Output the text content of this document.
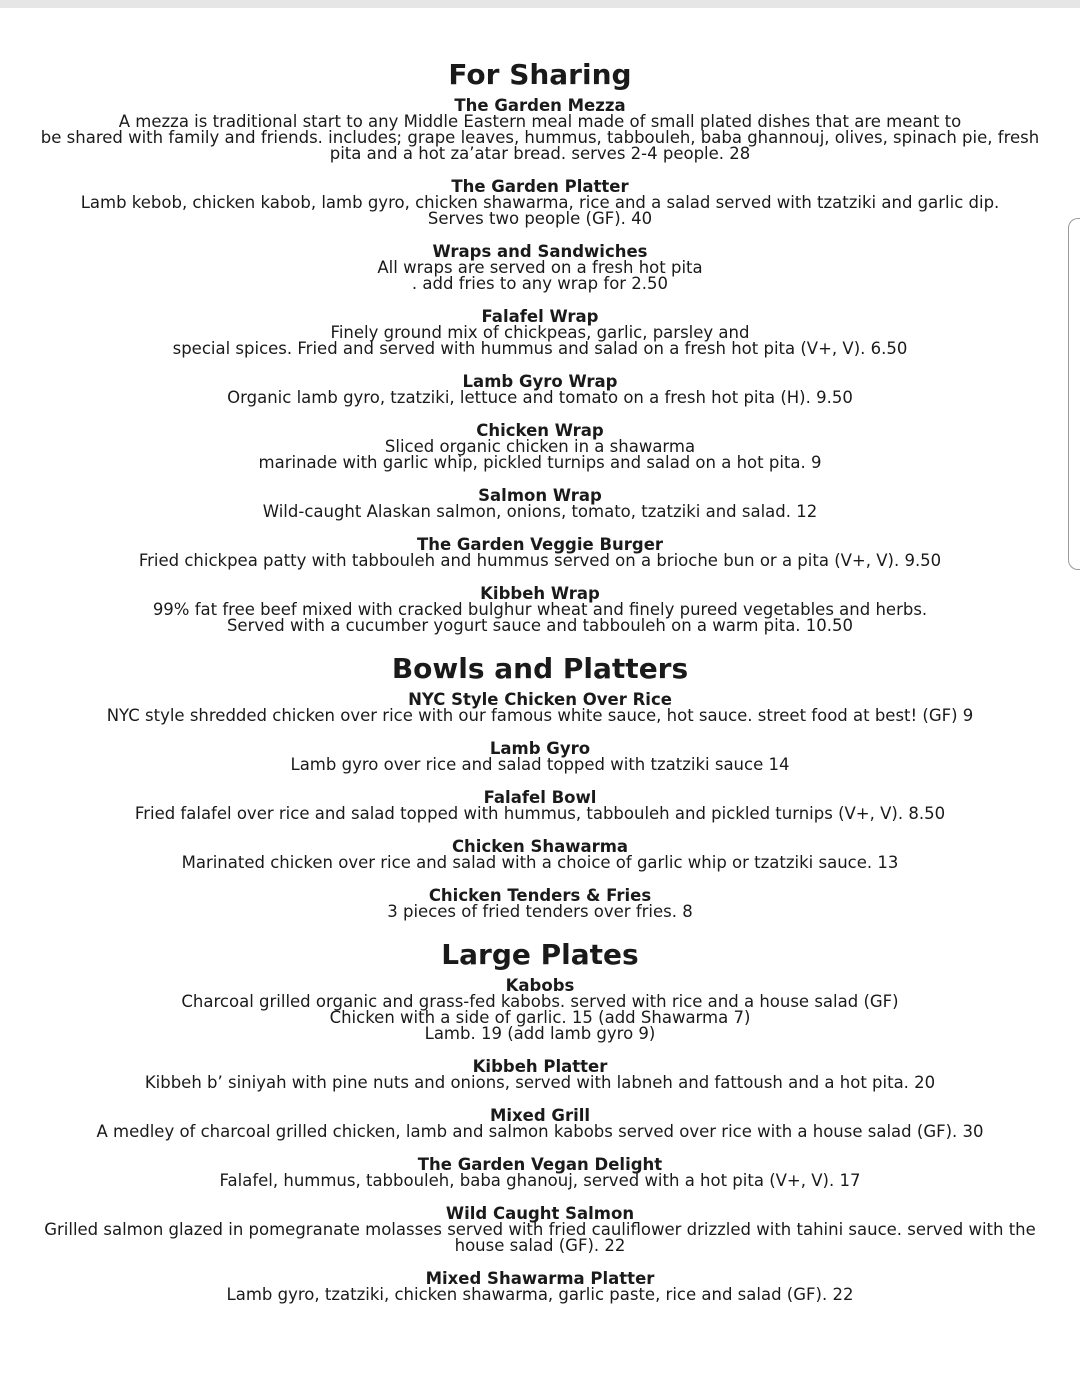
For Sharing
The Garden Mezza
A mezza is traditional start to any Middle Eastern meal made of small plated dishes that are meant to
be shared with family and friends. includes; grape leaves, hummus, tabbouleh, baba ghannouj, olives, spinach pie, fresh
pita and a hot za’atar bread. serves 2-4 people. 28
The Garden Platter
Lamb kebob, chicken kabob, lamb gyro, chicken shawarma, rice and a salad served with tzatziki and garlic dip.
Serves two people (GF). 40
Wraps and Sandwiches
All wraps are served on a fresh hot pita
. add fries to any wrap for 2.50
Falafel Wrap
Finely ground mix of chickpeas, garlic, parsley and
special spices. Fried and served with hummus and salad on a fresh hot pita (V+, V). 6.50
Lamb Gyro Wrap
Organic lamb gyro, tzatziki, lettuce and tomato on a fresh hot pita (H). 9.50
Chicken Wrap
Sliced organic chicken in a shawarma
marinade with garlic whip, pickled turnips and salad on a hot pita. 9
Salmon Wrap
Wild-caught Alaskan salmon, onions, tomato, tzatziki and salad. 12
The Garden Veggie Burger
Fried chickpea patty with tabbouleh and hummus served on a brioche bun or a pita (V+, V). 9.50
Kibbeh Wrap
99% fat free beef mixed with cracked bulghur wheat and finely pureed vegetables and herbs.
Served with a cucumber yogurt sauce and tabbouleh on a warm pita. 10.50
Bowls and Platters
NYC Style Chicken Over Rice
NYC style shredded chicken over rice with our famous white sauce, hot sauce. street food at best! (GF) 9
Lamb Gyro
Lamb gyro over rice and salad topped with tzatziki sauce 14
Falafel Bowl
Fried falafel over rice and salad topped with hummus, tabbouleh and pickled turnips (V+, V). 8.50
Chicken Shawarma
Marinated chicken over rice and salad with a choice of garlic whip or tzatziki sauce. 13
Chicken Tenders & Fries
3 pieces of fried tenders over fries. 8
Large Plates
Kabobs
Charcoal grilled organic and grass-fed kabobs. served with rice and a house salad (GF)
Chicken with a side of garlic. 15 (add Shawarma 7)
Lamb. 19 (add lamb gyro 9)
Kibbeh Platter
Kibbeh b’ siniyah with pine nuts and onions, served with labneh and fattoush and a hot pita. 20
Mixed Grill
A medley of charcoal grilled chicken, lamb and salmon kabobs served over rice with a house salad (GF). 30
The Garden Vegan Delight
Falafel, hummus, tabbouleh, baba ghanouj, served with a hot pita (V+, V). 17
Wild Caught Salmon
Grilled salmon glazed in pomegranate molasses served with fried cauliflower drizzled with tahini sauce. served with the
house salad (GF). 22
Mixed Shawarma Platter
Lamb gyro, tzatziki, chicken shawarma, garlic paste, rice and salad (GF). 22
